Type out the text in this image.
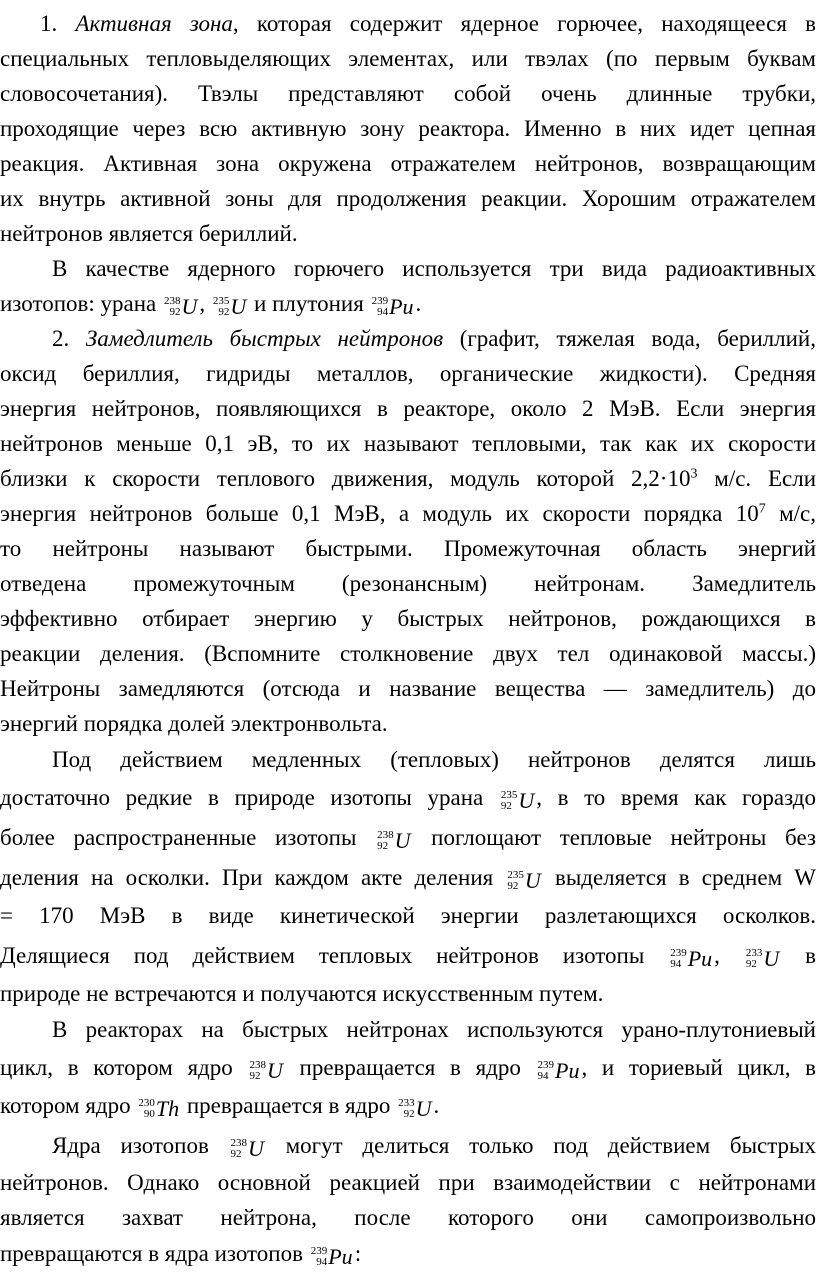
1. Активная зона, которая содержит ядерное горючее, находящееся в
специальных тепловыделяющих элементах, или твэлах (по первым буквам
словосочетания). Твэлы представляют собой очень длинные трубки,
проходящие через всю активную зону реактора. Именно в них идет цепная
реакция. Активная зона окружена отражателем нейтронов, возвращающим
их внутрь активной зоны для продолжения реакции. Хорошим отражателем
нейтронов является бериллий.
В качестве ядерного горючего используется три вида радиоактивных
изотопов: урана 238
92 U, 235
92 U и плутония 239
94 Pu.
2. Замедлитель быстрых нейтронов (графит, тяжелая вода, бериллий,
оксид бериллия, гидриды металлов, органические жидкости). Средняя
энергия нейтронов, появляющихся в реакторе, около 2 МэВ. Если энергия
нейтронов меньше 0,1 эВ, то их называют тепловыми, так как их скорости
близки к скорости теплового движения, модуль которой $2,2\cdot 10^3$ м/с. Если
энергия нейтронов больше 0,1 МэВ, а модуль их скорости порядка $10^7$ м/с,
то нейтроны называют быстрыми. Промежуточная область энергий
отведена промежуточным (резонансным) нейтронам. Замедлитель
эффективно отбирает энергию у быстрых нейтронов, рождающихся в
реакции деления. (Вспомните столкновение двух тел одинаковой массы.)
Нейтроны замедляются (отсюда и название вещества — замедлитель) до
энергий порядка долей электронвольта.
Под действием медленных (тепловых) нейтронов делятся лишь
достаточно редкие в природе изотопы урана 235
92 U, в то время как гораздо
более распространенные изотопы 238
92 U поглощают тепловые нейтроны без
деления на осколки. При каждом акте деления 235
92 U выделяется в среднем W
= 170 МэВ в виде кинетической энергии разлетающихся осколков.
Делящиеся под действием тепловых нейтронов изотопы 239
94 Pu, 233
92 U в
природе не встречаются и получаются искусственным путем.
В реакторах на быстрых нейтронах используются урано-плутониевый
цикл, в котором ядро 238
92 U превращается в ядро 239
94 Pu, и ториевый цикл, в
котором ядро 230
90 Th превращается в ядро 233
92 U.
Ядра изотопов 238
92 U могут делиться только под действием быстрых
нейтронов. Однако основной реакцией при взаимодействии с нейтронами
является захват нейтрона, после которого они самопроизвольно
превращаются в ядра изотопов 239
94 Pu:
